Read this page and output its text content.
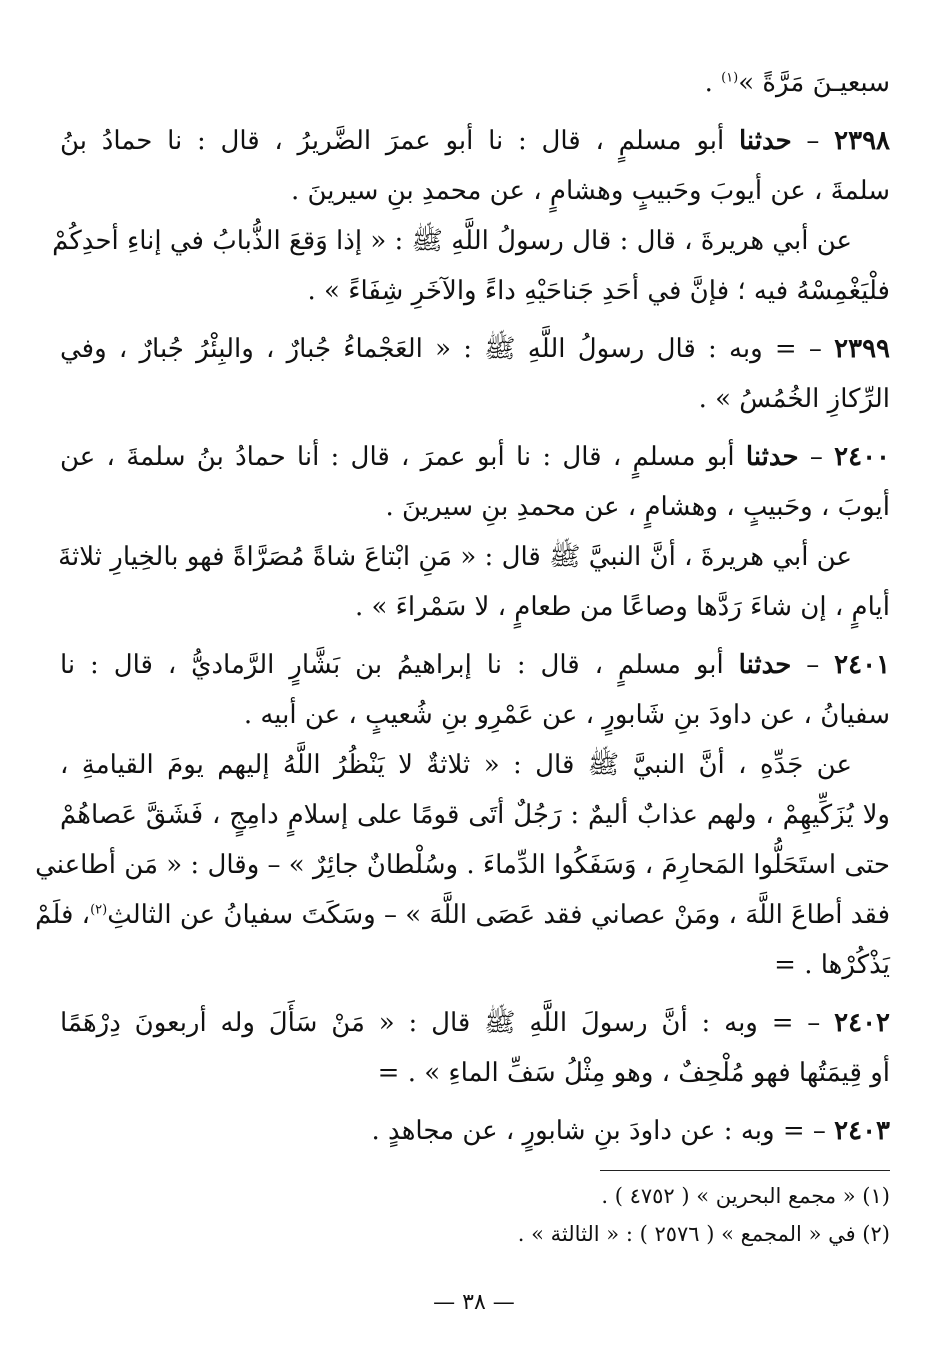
سبعيـنَ مَرَّةً »$^{(١)}$ .

٢٣٩٨ – حدثنا أبو مسلمٍ ، قال : نا أبو عمرَ الضَّريرُ ، قال : نا حمادُ بنُ

سلمةَ ، عن أيوبَ وحَبيبٍ وهشامٍ ، عن محمدِ بنِ سيرينَ .

عن أبي هريرةَ ، قال : قال رسولُ اللَّهِ ﷺ : « إذا وَقعَ الذُّبابُ في إناءِ أحدِكُمْ

فلْيَغْمِسْهُ فيه ؛ فإنَّ في أحَدِ جَناحَيْهِ داءً والآخَرِ شِفَاءً » .

٢٣٩٩ – = وبه : قال رسولُ اللَّهِ ﷺ : « العَجْماءُ جُبارٌ ، والبِئْرُ جُبارٌ ، وفي

الرِّكازِ الخُمُسُ » .

٢٤٠٠ – حدثنا أبو مسلمٍ ، قال : نا أبو عمرَ ، قال : أنا حمادُ بنُ سلمةَ ، عن

أيوبَ ، وحَبيبٍ ، وهشامٍ ، عن محمدِ بنِ سيرينَ .

عن أبي هريرةَ ، أنَّ النبيَّ ﷺ قال : « مَنِ ابْتاعَ شاةً مُصَرَّاةً فهو بالخِيارِ ثلاثةَ

أيامٍ ، إن شاءَ رَدَّها وصاعًا من طعامٍ ، لا سَمْراءَ » .

٢٤٠١ – حدثنا أبو مسلمٍ ، قال : نا إبراهيمُ بن بَشَّارٍ الرَّماديُّ ، قال : نا

سفيانُ ، عن داودَ بنِ شَابورٍ ، عن عَمْرِو بنِ شُعيبٍ ، عن أبيه .

عن جَدِّهِ ، أنَّ النبيَّ ﷺ قال : « ثلاثةٌ لا يَنْظُرُ اللَّهُ إليهم يومَ القيامةِ ،

ولا يُزَكِّيهِمْ ، ولهم عذابٌ أليمٌ : رَجُلٌ أتَى قومًا على إسلامٍ دامِجٍ ، فَشَقَّ عَصاهُمْ

حتى استَحَلُّوا المَحارِمَ ، وَسَفَكُوا الدِّماءَ . وسُلْطانٌ جائِرٌ » – وقال : « مَن أطاعني

فقد أطاعَ اللَّهَ ، ومَنْ عصاني فقد عَصَى اللَّهَ » – وسَكَتَ سفيانُ عن الثالثِ$^{(٢)}$، فلَمْ

يَذْكُرْها . =

٢٤٠٢ – = وبه : أنَّ رسولَ اللَّهِ ﷺ قال : « مَنْ سَأَلَ وله أربعونَ دِرْهَمًا

أو قِيمَتُها فهو مُلْحِفٌ ، وهو مِثْلُ سَفِّ الماءِ » . =

٢٤٠٣ – = وبه : عن داودَ بنِ شابورٍ ، عن مجاهدٍ .

(١) « مجمع البحرين » ( ٤٧٥٢ ) .

(٢) في « المجمع » ( ٢٥٧٦ ) : « الثالثة » .

— ٣٨ —
